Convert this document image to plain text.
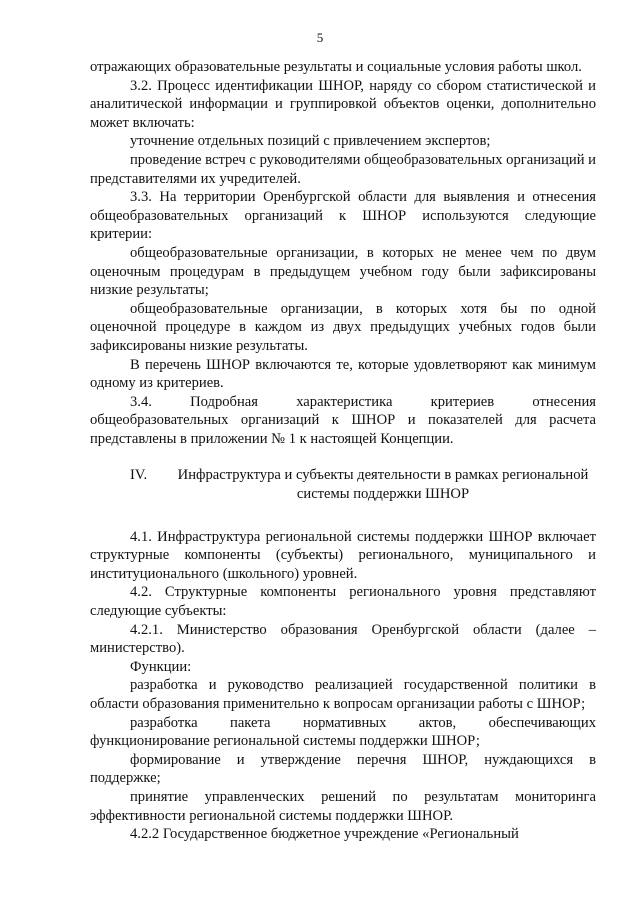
5

отражающих образовательные результаты и социальные условия работы школ.

3.2. Процесс идентификации ШНОР, наряду со сбором статистической и аналитической информации и группировкой объектов оценки, дополнительно может включать:

уточнение отдельных позиций с привлечением экспертов;

проведение встреч с руководителями общеобразовательных организаций и представителями их учредителей.

3.3. На территории Оренбургской области для выявления и отнесения общеобразовательных организаций к ШНОР используются следующие критерии:

общеобразовательные организации, в которых не менее чем по двум оценочным процедурам в предыдущем учебном году были зафиксированы низкие результаты;

общеобразовательные организации, в которых хотя бы по одной оценочной процедуре в каждом из двух предыдущих учебных годов были зафиксированы низкие результаты.

В перечень ШНОР включаются те, которые удовлетворяют как минимум одному из критериев.

3.4. Подробная характеристика критериев отнесения общеобразовательных организаций к ШНОР и показателей для расчета представлены в приложении № 1 к настоящей Концепции.

IV.	Инфраструктура и субъекты деятельности в рамках региональной системы поддержки ШНОР

4.1. Инфраструктура региональной системы поддержки ШНОР включает структурные компоненты (субъекты) регионального, муниципального и институционального (школьного) уровней.

4.2. Структурные компоненты регионального уровня представляют следующие субъекты:

4.2.1. Министерство образования Оренбургской области (далее – министерство).

Функции:

разработка и руководство реализацией государственной политики в области образования применительно к вопросам организации работы с ШНОР;

разработка пакета нормативных актов, обеспечивающих функционирование региональной системы поддержки ШНОР;

формирование и утверждение перечня ШНОР, нуждающихся в поддержке;

принятие управленческих решений по результатам мониторинга эффективности региональной системы поддержки ШНОР.

4.2.2 Государственное бюджетное учреждение «Региональный
